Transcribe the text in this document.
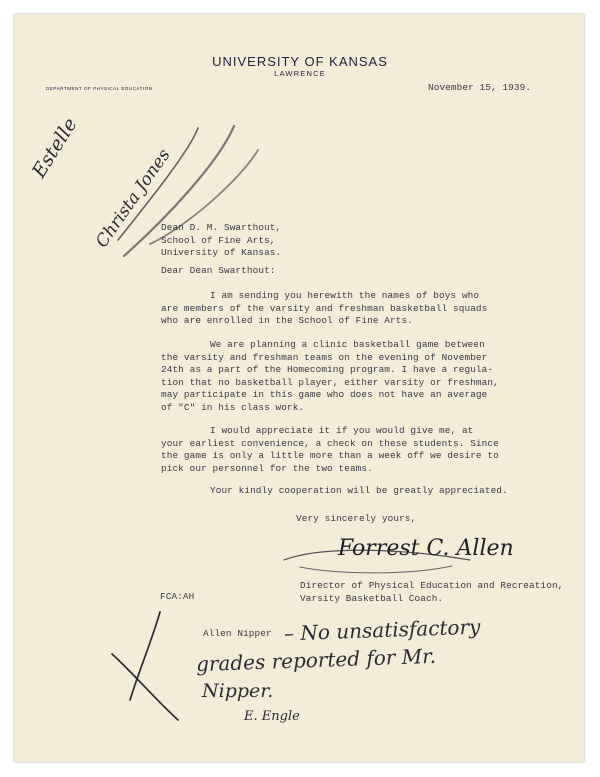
UNIVERSITY OF KANSAS
LAWRENCE
DEPARTMENT OF PHYSICAL EDUCATION	November 15, 1939.
Estelle Christa Jones
Dean D. M. Swarthout,
School of Fine Arts,
University of Kansas.
Dear Dean Swarthout:
I am sending you herewith the names of boys who
are members of the varsity and freshman basketball squads
who are enrolled in the School of Fine Arts.
We are planning a clinic basketball game between
the varsity and freshman teams on the evening of November
24th as a part of the Homecoming program. I have a regula-
tion that no basketball player, either varsity or freshman,
may participate in this game who does not have an average
of "C" in his class work.
I would appreciate it if you would give me, at
your earliest convenience, a check on these students. Since
the game is only a little more than a week off we desire to
pick our personnel for the two teams.
Your kindly cooperation will be greatly appreciated.
Very sincerely yours,
Forrest C. Allen
Director of Physical Education and Recreation,
Varsity Basketball Coach.
FCA:AH
Allen Nipper – No unsatisfactory
grades reported for Mr.
Nipper.
E. Engle
